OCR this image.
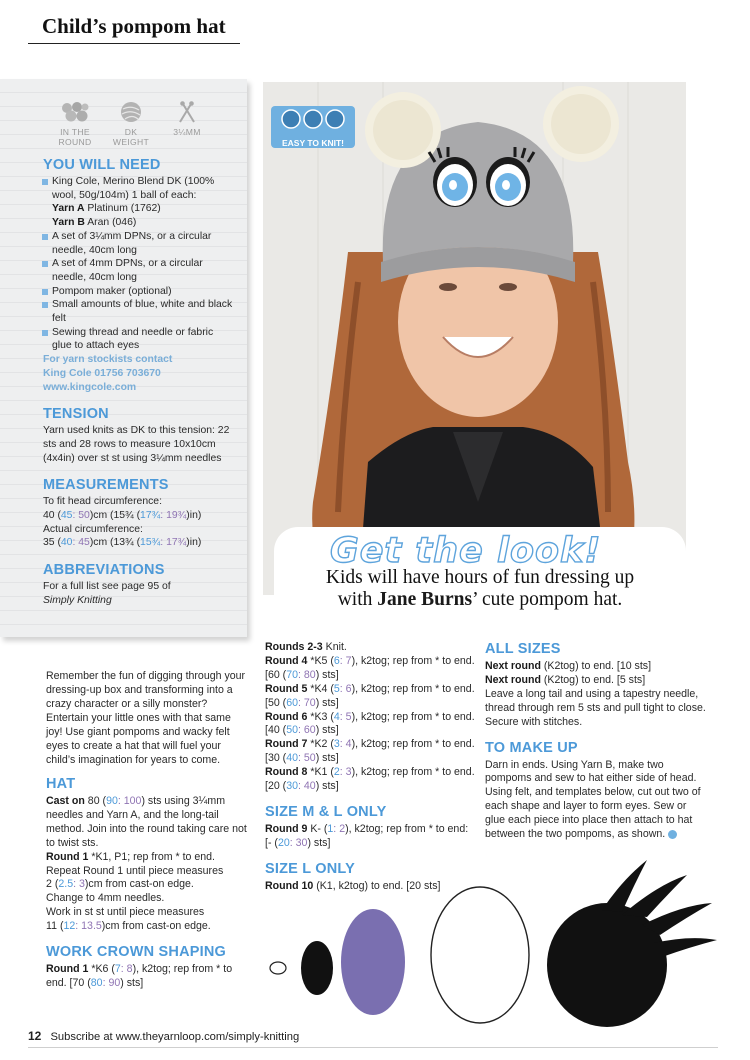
Child’s pompom hat
IN THE
ROUND
DK
WEIGHT
3¼MM
YOU WILL NEED
King Cole, Merino Blend DK (100% wool, 50g/104m) 1 ball of each:
Yarn A Platinum (1762)
Yarn B Aran (046)
A set of 3¼mm DPNs, or a circular needle, 40cm long
A set of 4mm DPNs, or a circular needle, 40cm long
Pompom maker (optional)
Small amounts of blue, white and black felt
Sewing thread and needle or fabric glue to attach eyes
For yarn stockists contact
King Cole 01756 703670
www.kingcole.com
TENSION
Yarn used knits as DK to this tension: 22 sts and 28 rows to measure 10x10cm (4x4in) over st st using 3¼mm needles
MEASUREMENTS
To fit head circumference:
40 (45: 50)cm (15¾ (17¾: 19¾)in)
Actual circumference:
35 (40: 45)cm (13¾ (15¾: 17¾)in)
ABBREVIATIONS
For a full list see page 95 of
Simply Knitting
EASY TO KNIT!
Get the look!
Kids will have hours of fun dressing up
with Jane Burns’ cute pompom hat.
Remember the fun of digging through your dressing-up box and transforming into a crazy character or a silly monster? Entertain your little ones with that same joy! Use giant pompoms and wacky felt eyes to create a hat that will fuel your child’s imagination for years to come.
HAT
Cast on 80 (90: 100) sts using 3¼mm needles and Yarn A, and the long-tail method. Join into the round taking care not to twist sts.
Round 1 *K1, P1; rep from * to end.
Repeat Round 1 until piece measures
2 (2.5: 3)cm from cast-on edge.
Change to 4mm needles.
Work in st st until piece measures
11 (12: 13.5)cm from cast-on edge.
WORK CROWN SHAPING
Round 1 *K6 (7: 8), k2tog; rep from * to end. [70 (80: 90) sts]
Rounds 2-3 Knit.
Round 4 *K5 (6: 7), k2tog; rep from * to end. [60 (70: 80) sts]
Round 5 *K4 (5: 6), k2tog; rep from * to end. [50 (60: 70) sts]
Round 6 *K3 (4: 5), k2tog; rep from * to end. [40 (50: 60) sts]
Round 7 *K2 (3: 4), k2tog; rep from * to end. [30 (40: 50) sts]
Round 8 *K1 (2: 3), k2tog; rep from * to end. [20 (30: 40) sts]
SIZE M & L ONLY
Round 9 K- (1: 2), k2tog; rep from * to end: [- (20: 30) sts]
SIZE L ONLY
Round 10 (K1, k2tog) to end. [20 sts]
ALL SIZES
Next round (K2tog) to end. [10 sts]
Next round (K2tog) to end. [5 sts]
Leave a long tail and using a tapestry needle, thread through rem 5 sts and pull tight to close. Secure with stitches.
TO MAKE UP
Darn in ends. Using Yarn B, make two pompoms and sew to hat either side of head. Using felt, and templates below, cut out two of each shape and layer to form eyes. Sew or glue each piece into place then attach to hat between the two pompoms, as shown.
12 Subscribe at www.theyarnloop.com/simply-knitting
